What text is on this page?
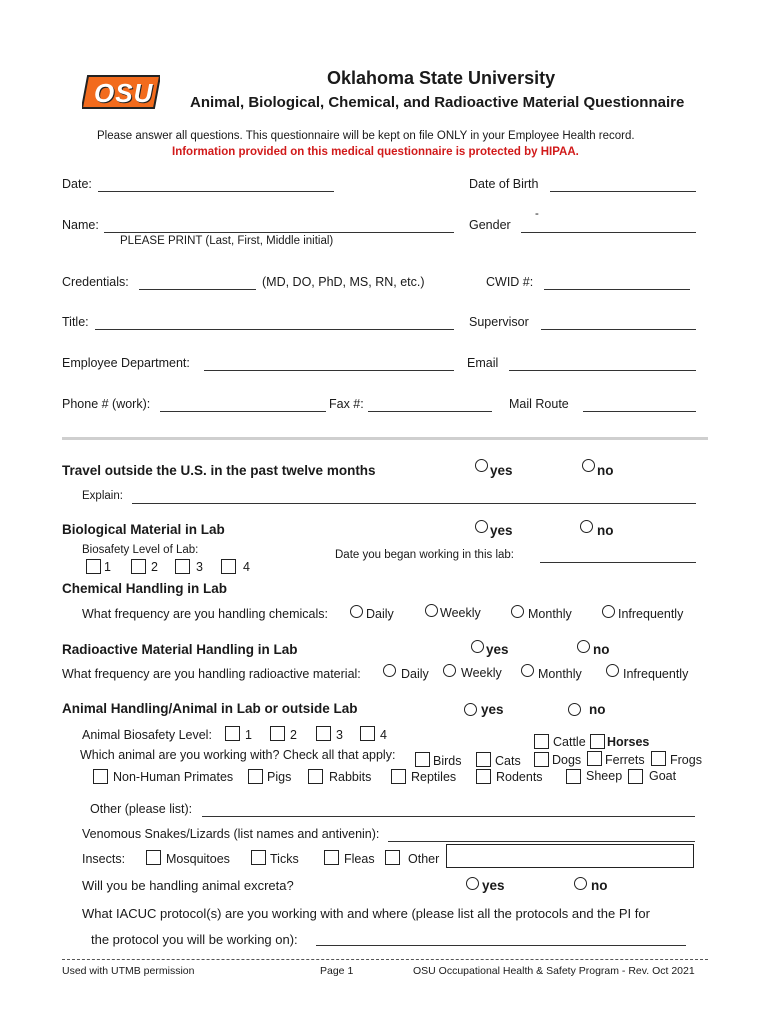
OSU	Oklahoma State University
Animal, Biological, Chemical, and Radioactive Material Questionnaire
Please answer all questions. This questionnaire will be kept on file ONLY in your Employee Health record.
Information provided on this medical questionnaire is protected by HIPAA.
Date:	Date of Birth
Name:	Gender
-
PLEASE PRINT (Last, First, Middle initial)
Credentials:	(MD, DO, PhD, MS, RN, etc.)	CWID #:
Title:	Supervisor
Employee Department:	Email
Phone # (work):	Fax #:	Mail Route
Travel outside the U.S. in the past twelve months	yes	no
Explain:
Biological Material in Lab	yes	no
Biosafety Level of Lab:
1	2	3	4
Date you began working in this lab:
Chemical Handling in Lab
What frequency are you handling chemicals:	Daily	Weekly	Monthly	Infrequently
Radioactive Material Handling in Lab	yes	no
What frequency are you handling radioactive material:	Daily	Weekly	Monthly	Infrequently
Animal Handling/Animal in Lab or outside Lab	yes	no
Animal Biosafety Level:	1	2	3	4
Which animal are you working with? Check all that apply:
Cattle Horses
Birds	Cats	Dogs Ferrets Frogs
Non-Human Primates	Pigs	Rabbits	Reptiles	Rodents	Sheep Goat
Other (please list):
Venomous Snakes/Lizards (list names and antivenin):
Insects:	Mosquitoes	Ticks	Fleas	Other
Will you be handling animal excreta?	yes	no
What IACUC protocol(s) are you working with and where (please list all the protocols and the PI for
the protocol you will be working on):
Used with UTMB permission	Page 1	OSU Occupational Health & Safety Program - Rev. Oct 2021
